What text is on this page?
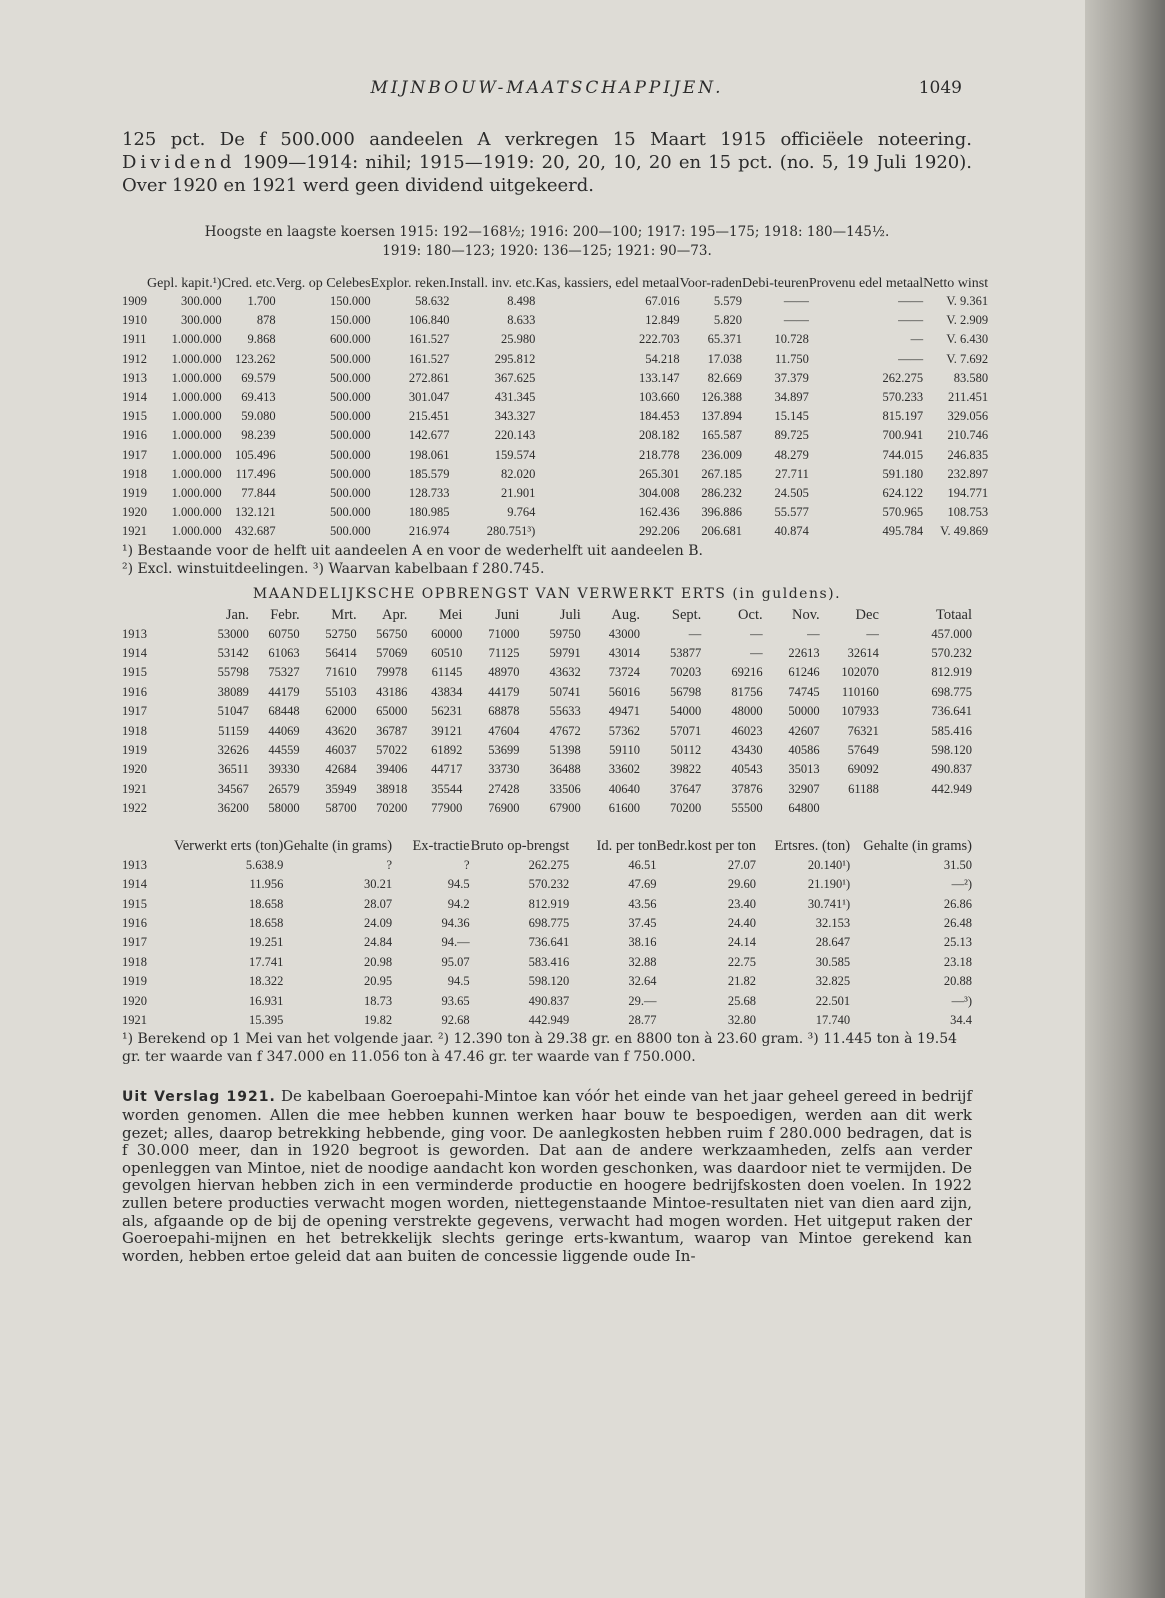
MIJNBOUW-MAATSCHAPPIJEN.	1049
125 pct. De f 500.000 aandeelen A verkregen 15 Maart 1915 officiëele noteering. Dividend 1909—1914: nihil; 1915—1919: 20, 20, 10, 20 en 15 pct. (no. 5, 19 Juli 1920). Over 1920 en 1921 werd geen dividend uitgekeerd.
Hoogste en laagste koersen 1915: 192—168½; 1916: 200—100; 1917: 195—175; 1918: 180—145½.
1919: 180—123; 1920: 136—125; 1921: 90—73.
	Gepl. kapit.¹)	Cred. etc.	Verg. op Celebes	Explor. reken.	Install. inv. etc.	Kas, kassiers, edel metaal	Voor-raden	Debi-teuren	Provenu edel metaal	Netto winst
1909	300.000	1.700	150.000	58.632	8.498	67.016	5.579	——	——	V. 9.361
1910	300.000	878	150.000	106.840	8.633	12.849	5.820	——	——	V. 2.909
1911	1.000.000	9.868	600.000	161.527	25.980	222.703	65.371	10.728	—	V. 6.430
1912	1.000.000	123.262	500.000	161.527	295.812	54.218	17.038	11.750	——	V. 7.692
1913	1.000.000	69.579	500.000	272.861	367.625	133.147	82.669	37.379	262.275	83.580
1914	1.000.000	69.413	500.000	301.047	431.345	103.660	126.388	34.897	570.233	211.451
1915	1.000.000	59.080	500.000	215.451	343.327	184.453	137.894	15.145	815.197	329.056
1916	1.000.000	98.239	500.000	142.677	220.143	208.182	165.587	89.725	700.941	210.746
1917	1.000.000	105.496	500.000	198.061	159.574	218.778	236.009	48.279	744.015	246.835
1918	1.000.000	117.496	500.000	185.579	82.020	265.301	267.185	27.711	591.180	232.897
1919	1.000.000	77.844	500.000	128.733	21.901	304.008	286.232	24.505	624.122	194.771
1920	1.000.000	132.121	500.000	180.985	9.764	162.436	396.886	55.577	570.965	108.753
1921	1.000.000	432.687	500.000	216.974	280.751³)	292.206	206.681	40.874	495.784	V. 49.869
¹) Bestaande voor de helft uit aandeelen A en voor de wederhelft uit aandeelen B.
²) Excl. winstuitdeelingen. ³) Waarvan kabelbaan f 280.745.
MAANDELIJKSCHE OPBRENGST VAN VERWERKT ERTS (in guldens).
	Jan.	Febr.	Mrt.	Apr.	Mei	Juni	Juli	Aug.	Sept.	Oct.	Nov.	Dec	Totaal
1913	53000	60750	52750	56750	60000	71000	59750	43000	—	—	—	—	457.000
1914	53142	61063	56414	57069	60510	71125	59791	43014	53877	—	22613	32614	570.232
1915	55798	75327	71610	79978	61145	48970	43632	73724	70203	69216	61246	102070	812.919
1916	38089	44179	55103	43186	43834	44179	50741	56016	56798	81756	74745	110160	698.775
1917	51047	68448	62000	65000	56231	68878	55633	49471	54000	48000	50000	107933	736.641
1918	51159	44069	43620	36787	39121	47604	47672	57362	57071	46023	42607	76321	585.416
1919	32626	44559	46037	57022	61892	53699	51398	59110	50112	43430	40586	57649	598.120
1920	36511	39330	42684	39406	44717	33730	36488	33602	39822	40543	35013	69092	490.837
1921	34567	26579	35949	38918	35544	27428	33506	40640	37647	37876	32907	61188	442.949
1922	36200	58000	58700	70200	77900	76900	67900	61600	70200	55500	64800		
	Verwerkt erts (ton)	Gehalte (in grams)	Ex-tractie	Bruto op-brengst	Id. per ton	Bedr.kost per ton	Ertsres. (ton)	Gehalte (in grams)
1913	5.638.9	?	?	262.275	46.51	27.07	20.140¹)	31.50
1914	11.956	30.21	94.5	570.232	47.69	29.60	21.190¹)	—²)
1915	18.658	28.07	94.2	812.919	43.56	23.40	30.741¹)	26.86
1916	18.658	24.09	94.36	698.775	37.45	24.40	32.153	26.48
1917	19.251	24.84	94.—	736.641	38.16	24.14	28.647	25.13
1918	17.741	20.98	95.07	583.416	32.88	22.75	30.585	23.18
1919	18.322	20.95	94.5	598.120	32.64	21.82	32.825	20.88
1920	16.931	18.73	93.65	490.837	29.—	25.68	22.501	—³)
1921	15.395	19.82	92.68	442.949	28.77	32.80	17.740	34.4
¹) Berekend op 1 Mei van het volgende jaar. ²) 12.390 ton à 29.38 gr. en 8800 ton à 23.60 gram. ³) 11.445 ton à 19.54 gr. ter waarde van f 347.000 en 11.056 ton à 47.46 gr. ter waarde van f 750.000.
Uit Verslag 1921. De kabelbaan Goeroepahi-Mintoe kan vóór het einde van het jaar geheel gereed in bedrijf worden genomen. Allen die mee hebben kunnen werken haar bouw te bespoedigen, werden aan dit werk gezet; alles, daarop betrekking hebbende, ging voor. De aanlegkosten hebben ruim f 280.000 bedragen, dat is f 30.000 meer, dan in 1920 begroot is geworden. Dat aan de andere werkzaamheden, zelfs aan verder openleggen van Mintoe, niet de noodige aandacht kon worden geschonken, was daardoor niet te vermijden. De gevolgen hiervan hebben zich in een verminderde productie en hoogere bedrijfskosten doen voelen. In 1922 zullen betere producties verwacht mogen worden, niettegenstaande Mintoe-resultaten niet van dien aard zijn, als, afgaande op de bij de opening verstrekte gegevens, verwacht had mogen worden. Het uitgeput raken der Goeroepahi-mijnen en het betrekkelijk slechts geringe erts-kwantum, waarop van Mintoe gerekend kan worden, hebben ertoe geleid dat aan buiten de concessie liggende oude In-
